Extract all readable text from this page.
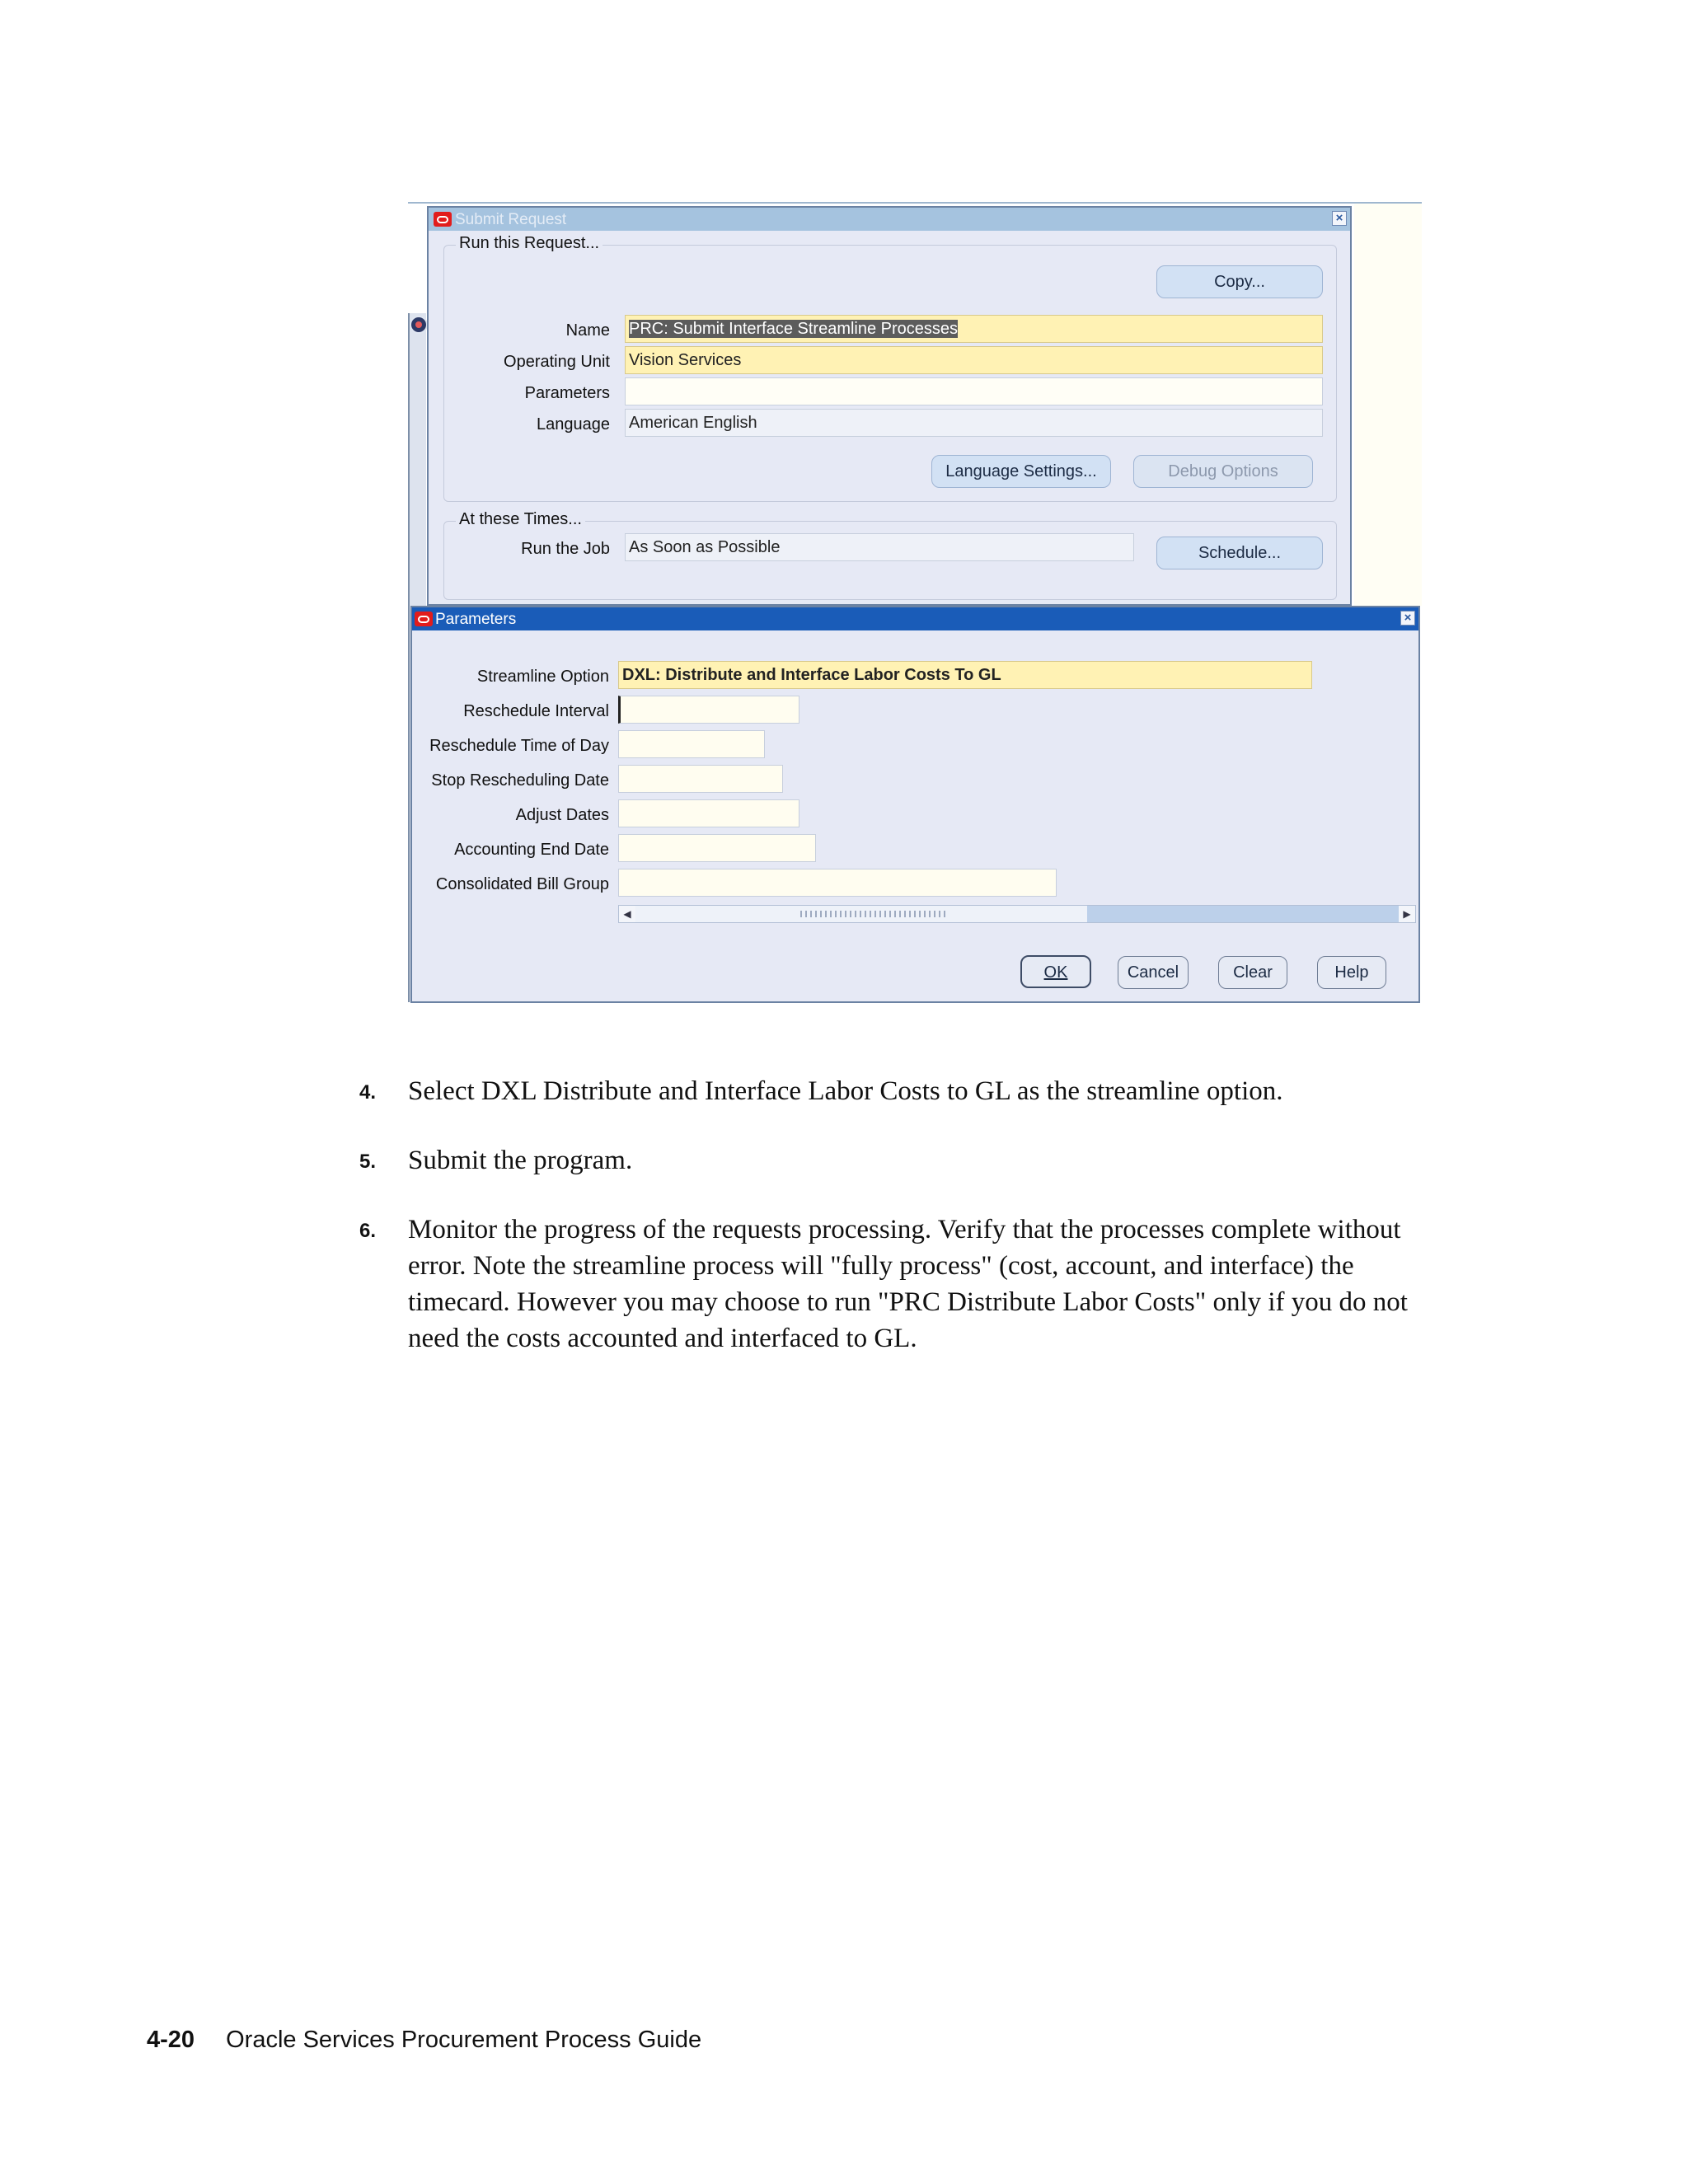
Submit Request	×
Run this Request...
Copy...
Name PRC: Submit Interface Streamline Processes
Operating Unit Vision Services
Parameters
Language American English
Language Settings...	Debug Options
At these Times...
Run the Job As Soon as Possible	Schedule...
Parameters	×
Streamline Option DXL: Distribute and Interface Labor Costs To GL
Reschedule Interval
Reschedule Time of Day
Stop Rescheduling Date
Adjust Dates
Accounting End Date
Consolidated Bill Group
◀	▶
OK	Cancel	Clear	Help
4. Select DXL Distribute and Interface Labor Costs to GL as the streamline option.
5. Submit the program.
6. Monitor the progress of the requests processing. Verify that the processes complete without error. Note the streamline process will "fully process" (cost, account, and interface) the timecard. However you may choose to run "PRC Distribute Labor Costs" only if you do not need the costs accounted and interfaced to GL.
4-20 Oracle Services Procurement Process Guide
